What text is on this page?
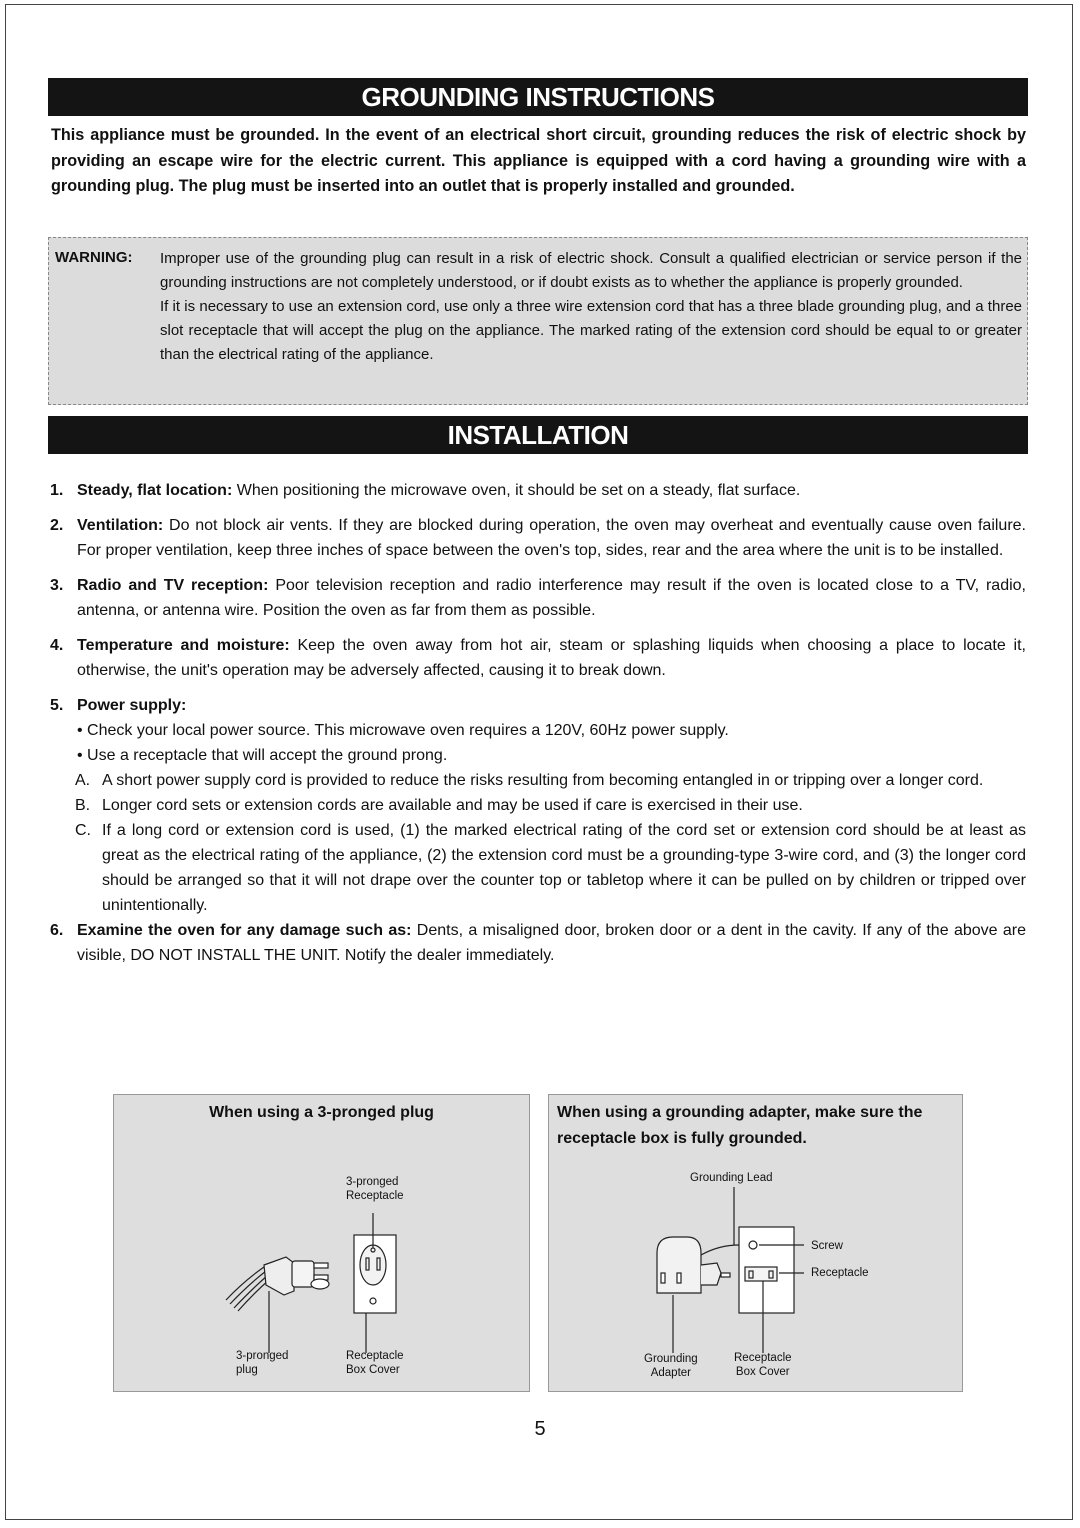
GROUNDING INSTRUCTIONS
This appliance must be grounded. In the event of an electrical short circuit, grounding reduces the risk of electric shock by providing an escape wire for the electric current. This appliance is equipped with a cord having a grounding wire with a grounding plug. The plug must be inserted into an outlet that is properly installed and grounded.
WARNING: Improper use of the grounding plug can result in a risk of electric shock. Consult a qualified electrician or service person if the grounding instructions are not completely understood, or if doubt exists as to whether the appliance is properly grounded.

If it is necessary to use an extension cord, use only a three wire extension cord that has a three blade grounding plug, and a three slot receptacle that will accept the plug on the appliance. The marked rating of the extension cord should be equal to or greater than the electrical rating of the appliance.

INSTALLATION
1. Steady, flat location: When positioning the microwave oven, it should be set on a steady, flat surface.
2. Ventilation: Do not block air vents. If they are blocked during operation, the oven may overheat and eventually cause oven failure. For proper ventilation, keep three inches of space between the oven's top, sides, rear and the area where the unit is to be installed.
3. Radio and TV reception: Poor television reception and radio interference may result if the oven is located close to a TV, radio, antenna, or antenna wire. Position the oven as far from them as possible.
4. Temperature and moisture: Keep the oven away from hot air, steam or splashing liquids when choosing a place to locate it, otherwise, the unit's operation may be adversely affected, causing it to break down.
5. Power supply:

• Check your local power source. This microwave oven requires a 120V, 60Hz power supply.

• Use a receptacle that will accept the ground prong.

A. A short power supply cord is provided to reduce the risks resulting from becoming entangled in or tripping over a longer cord.
B. Longer cord sets or extension cords are available and may be used if care is exercised in their use.
C. If a long cord or extension cord is used, (1) the marked electrical rating of the cord set or extension cord should be at least as great as the electrical rating of the appliance, (2) the extension cord must be a grounding-type 3-wire cord, and (3) the longer cord should be arranged so that it will not drape over the counter top or tabletop where it can be pulled on by children or tripped over unintentionally.
6. Examine the oven for any damage such as: Dents, a misaligned door, broken door or a dent in the cavity. If any of the above are visible, DO NOT INSTALL THE UNIT. Notify the dealer immediately.
When using a 3-pronged plug
3-pronged
Receptacle
3-pronged
plug
Receptacle
Box Cover
When using a grounding adapter, make sure the receptacle box is fully grounded.
Grounding Lead
Screw
Receptacle
Grounding
Adapter
Receptacle
Box Cover
5
